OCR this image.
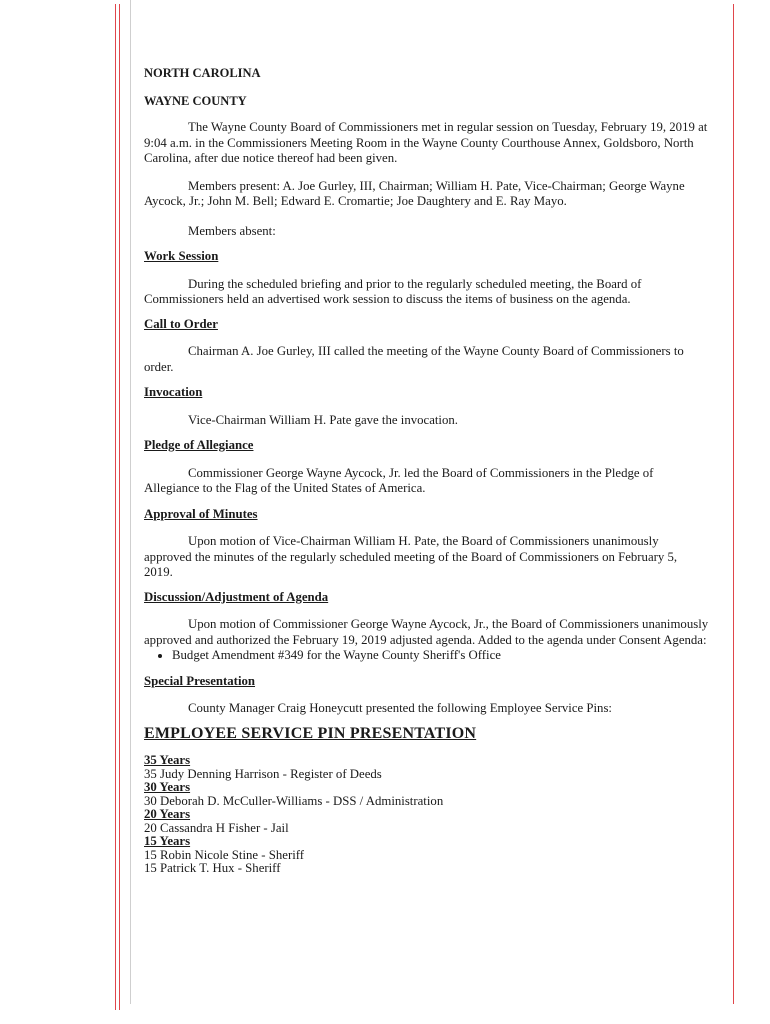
NORTH CAROLINA

WAYNE COUNTY

The Wayne County Board of Commissioners met in regular session on Tuesday, February 19, 2019 at 9:04 a.m. in the Commissioners Meeting Room in the Wayne County Courthouse Annex, Goldsboro, North Carolina, after due notice thereof had been given.

Members present: A. Joe Gurley, III, Chairman; William H. Pate, Vice-Chairman; George Wayne Aycock, Jr.; John M. Bell; Edward E. Cromartie; Joe Daughtery and E. Ray Mayo.

Members absent:

Work Session

During the scheduled briefing and prior to the regularly scheduled meeting, the Board of Commissioners held an advertised work session to discuss the items of business on the agenda.

Call to Order

Chairman A. Joe Gurley, III called the meeting of the Wayne County Board of Commissioners to order.

Invocation

Vice-Chairman William H. Pate gave the invocation.

Pledge of Allegiance

Commissioner George Wayne Aycock, Jr. led the Board of Commissioners in the Pledge of Allegiance to the Flag of the United States of America.

Approval of Minutes

Upon motion of Vice-Chairman William H. Pate, the Board of Commissioners unanimously approved the minutes of the regularly scheduled meeting of the Board of Commissioners on February 5, 2019.

Discussion/Adjustment of Agenda

Upon motion of Commissioner George Wayne Aycock, Jr., the Board of Commissioners unanimously approved and authorized the February 19, 2019 adjusted agenda. Added to the agenda under Consent Agenda:

• Budget Amendment #349 for the Wayne County Sheriff's Office

Special Presentation

County Manager Craig Honeycutt presented the following Employee Service Pins:

EMPLOYEE SERVICE PIN PRESENTATION

35 Years

35 Judy Denning Harrison - Register of Deeds

30 Years

30 Deborah D. McCuller-Williams - DSS / Administration

20 Years

20 Cassandra H Fisher - Jail

15 Years

15 Robin Nicole Stine - Sheriff

15 Patrick T. Hux - Sheriff
